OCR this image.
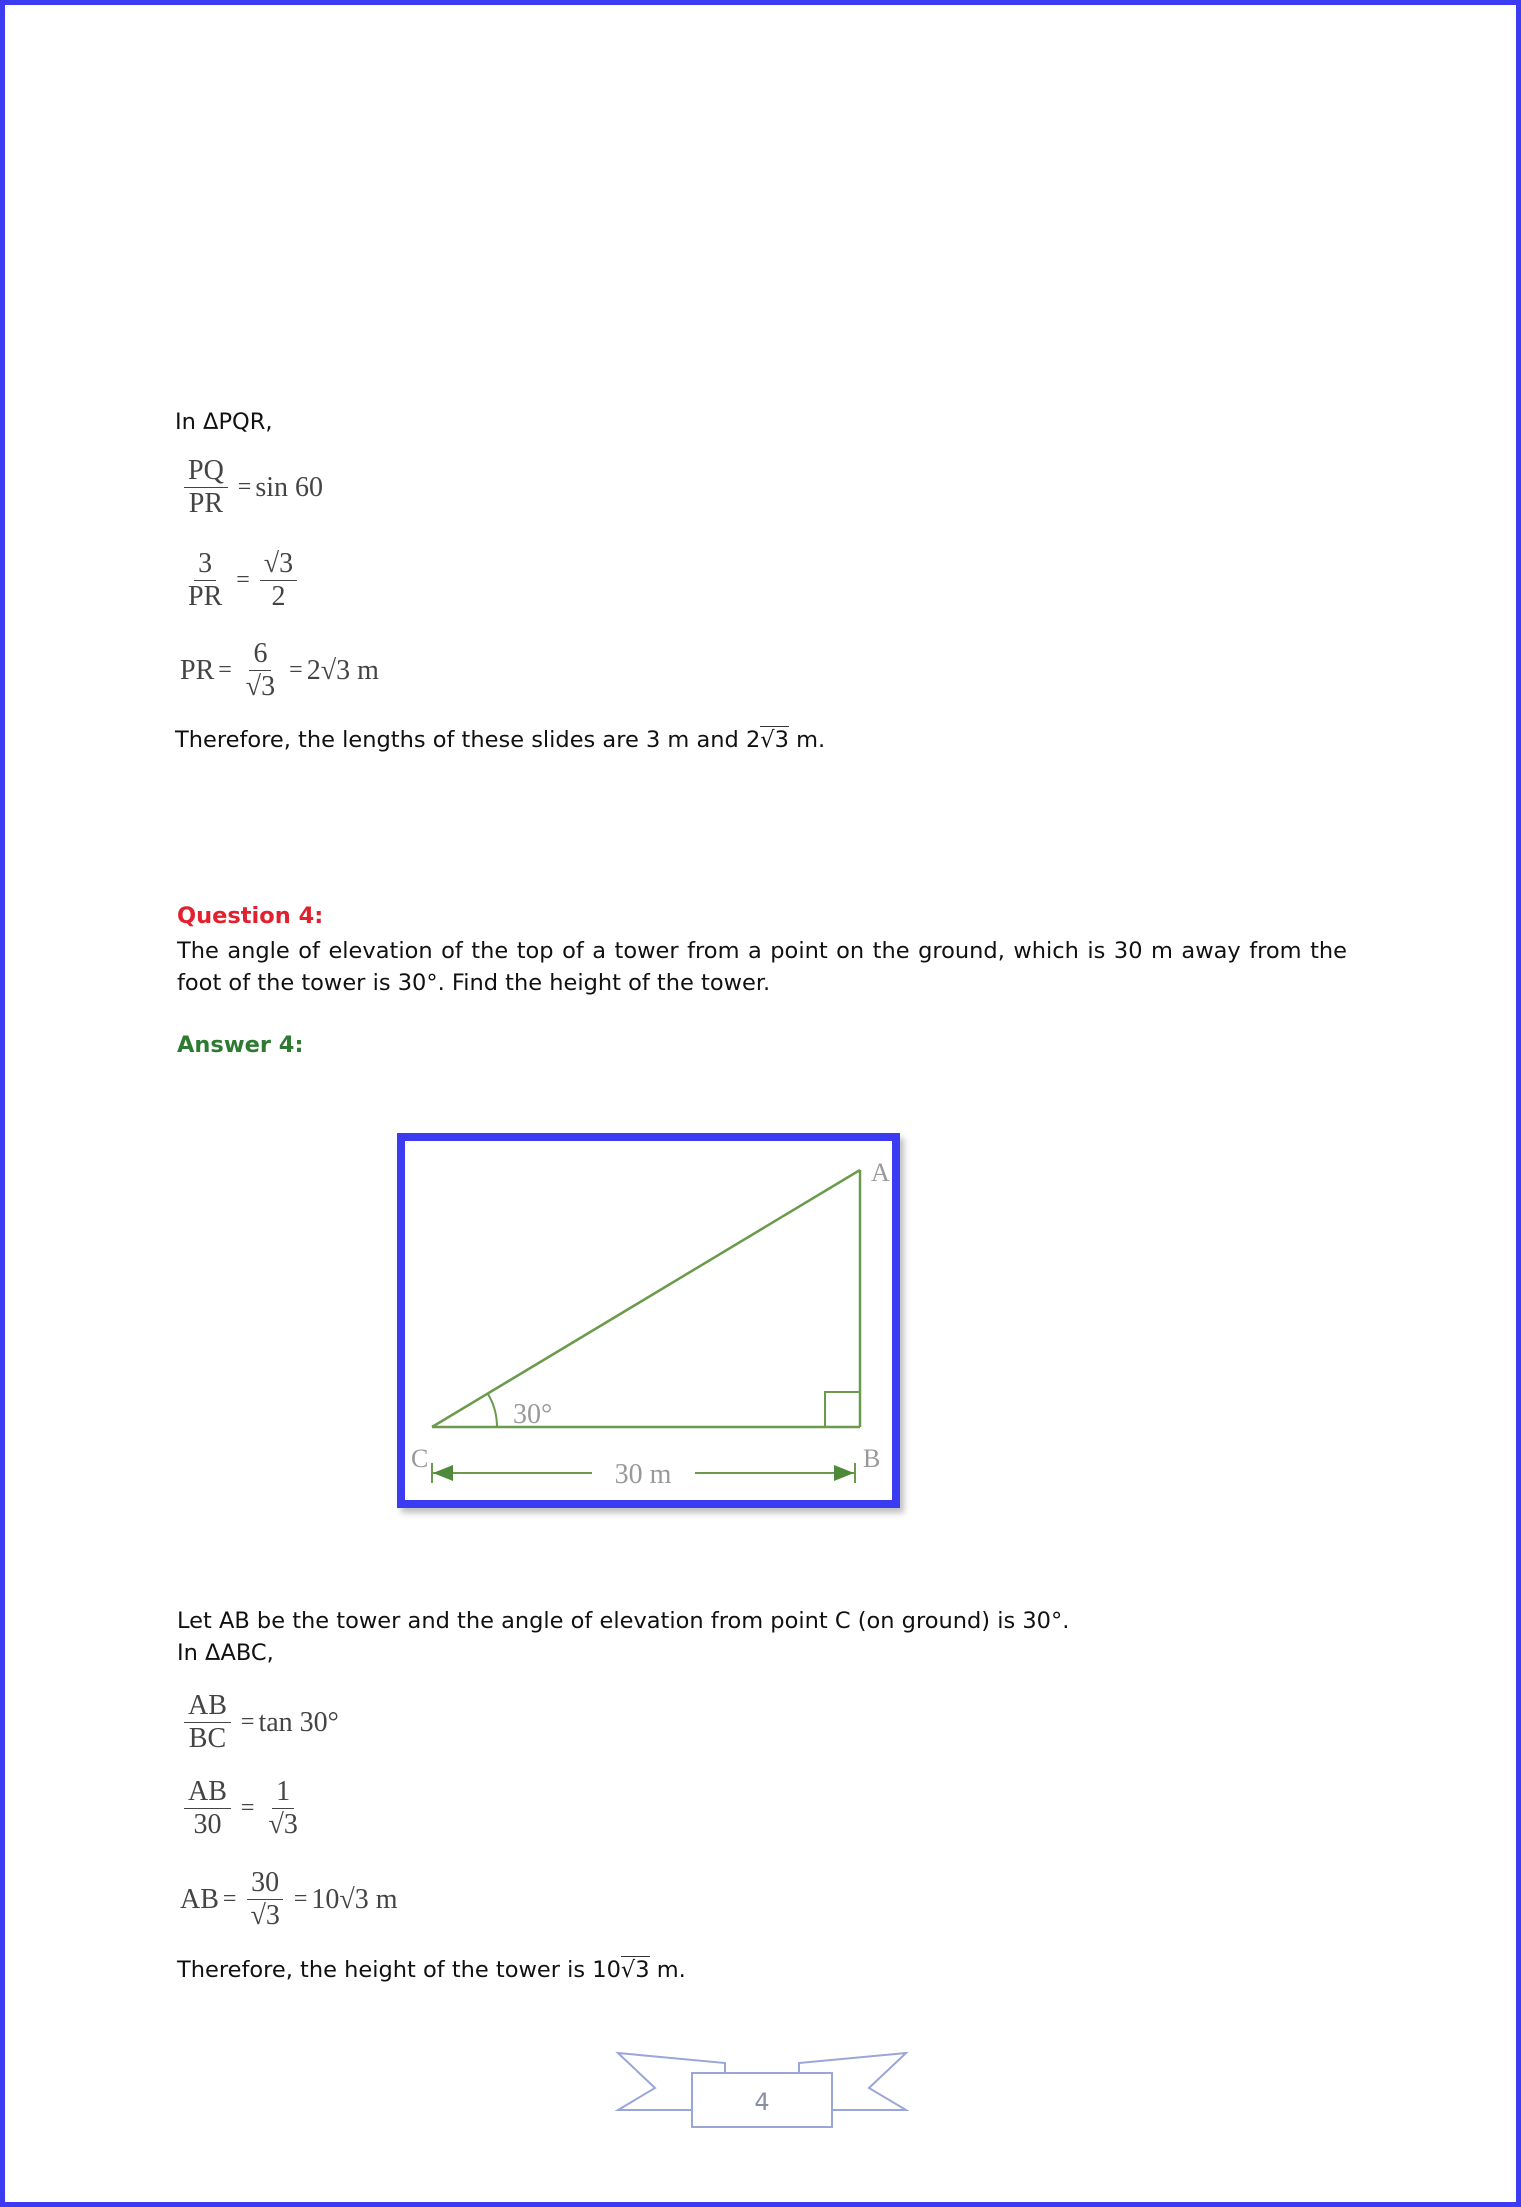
In ΔPQR,
$\frac{PQ}{PR} = \sin 60$
$\frac{3}{PR} = \frac{√3}{2}$
PR = $\frac{6}{√3} = 2√3$ m
Therefore, the lengths of these slides are 3 m and 2√3 m.
Question 4:
The angle of elevation of the top of a tower from a point on the ground, which is 30 m away from the foot of the tower is 30°. Find the height of the tower.
Answer 4:
30°
A
C	B
30 m
Let AB be the tower and the angle of elevation from point C (on ground) is 30°.
In ΔABC,
$\frac{AB}{BC} = \tan 30^\circ$
$\frac{AB}{30} = \frac{1}{√3}$
AB = $\frac{30}{√3} = 10√3$ m
Therefore, the height of the tower is 10√3 m.
4
